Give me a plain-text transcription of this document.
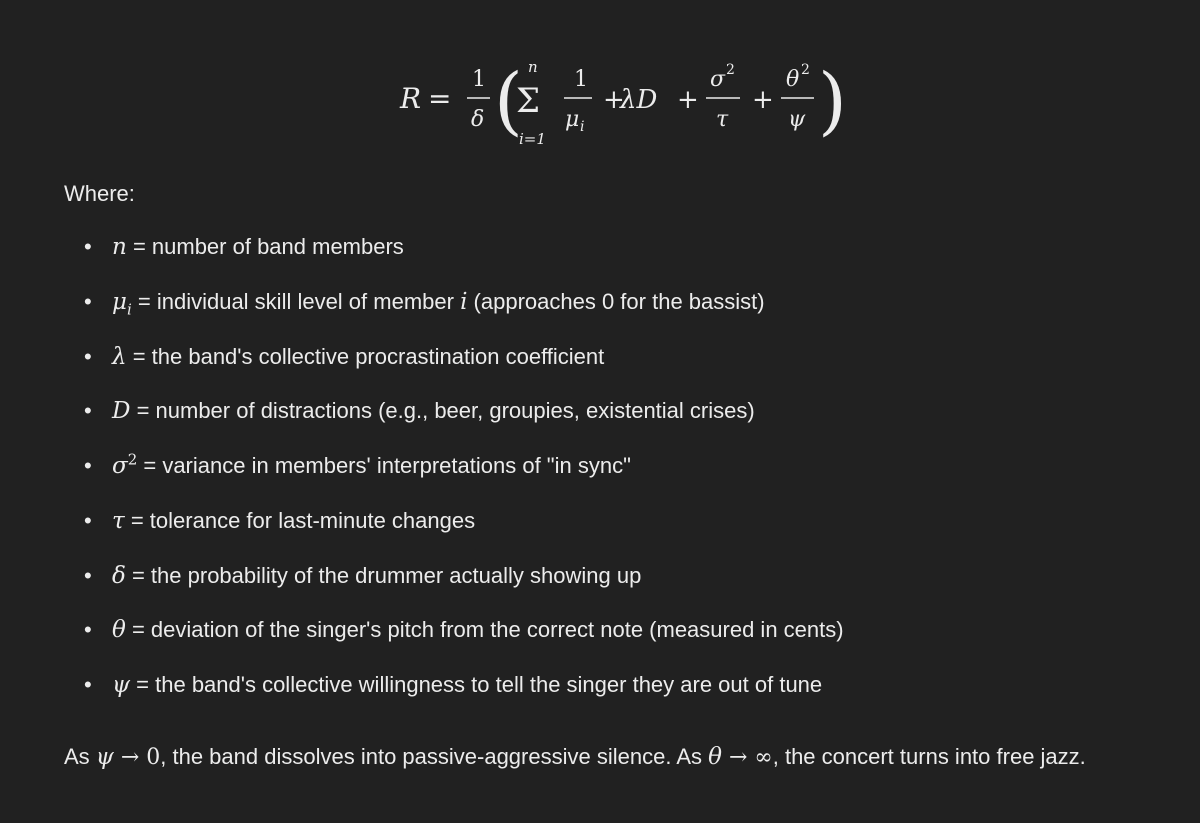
R =
1
δ ( n
Σ
i=1
1
μ i
+
λD +
σ 2
τ
+
θ 2
ψ )
Where:
• n = number of band members
• $\mu_i$ = individual skill level of member i (approaches 0 for the bassist)
• λ = the band's collective procrastination coefficient
• D = number of distractions (e.g., beer, groupies, existential crises)
• $\sigma^2$ = variance in members' interpretations of "in sync"
• τ = tolerance for last-minute changes
• δ = the probability of the drummer actually showing up
• θ = deviation of the singer's pitch from the correct note (measured in cents)
• ψ = the band's collective willingness to tell the singer they are out of tune

As ψ → 0, the band dissolves into passive-aggressive silence. As θ → ∞, the concert turns into free jazz.
